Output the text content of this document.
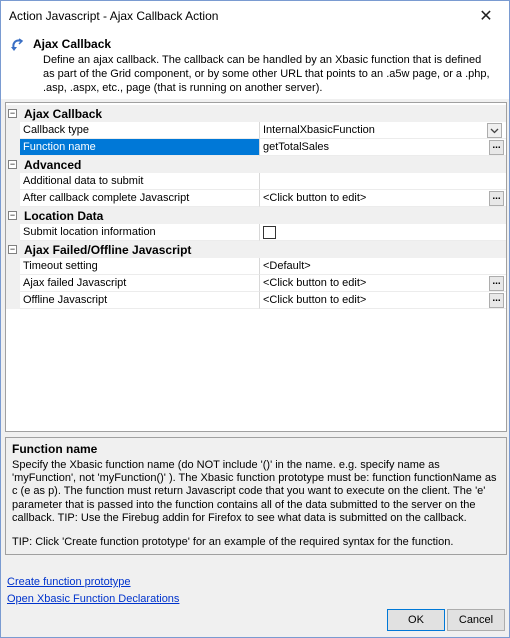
Action Javascript - Ajax Callback Action	✕
Ajax Callback
Define an ajax callback. The callback can be handled by an Xbasic function that is defined as part of the Grid component, or by some other URL that points to an .a5w page, or a .php, .asp, .aspx, etc., page (that is running on another server).
− Ajax Callback
Callback type	InternalXbasicFunction
Function name	getTotalSales	...
− Advanced
Additional data to submit
After callback complete Javascript	<Click button to edit>	...
− Location Data
Submit location information
− Ajax Failed/Offline Javascript
Timeout setting	<Default>
Ajax failed Javascript	<Click button to edit>	...
Offline Javascript	<Click button to edit>	...
Function name
Specify the Xbasic function name (do NOT include '()' in the name. e.g. specify name as 'myFunction', not 'myFunction()' ). The Xbasic function prototype must be: function functionName as c (e as p). The function must return Javascript code that you want to execute on the client. The 'e' parameter that is passed into the function contains all of the data submitted to the server on the callback. TIP: Use the Firebug addin for Firefox to see what data is submitted on the callback.
TIP: Click 'Create function prototype' for an example of the required syntax for the function.
Create function prototype
Open Xbasic Function Declarations
OK	Cancel
